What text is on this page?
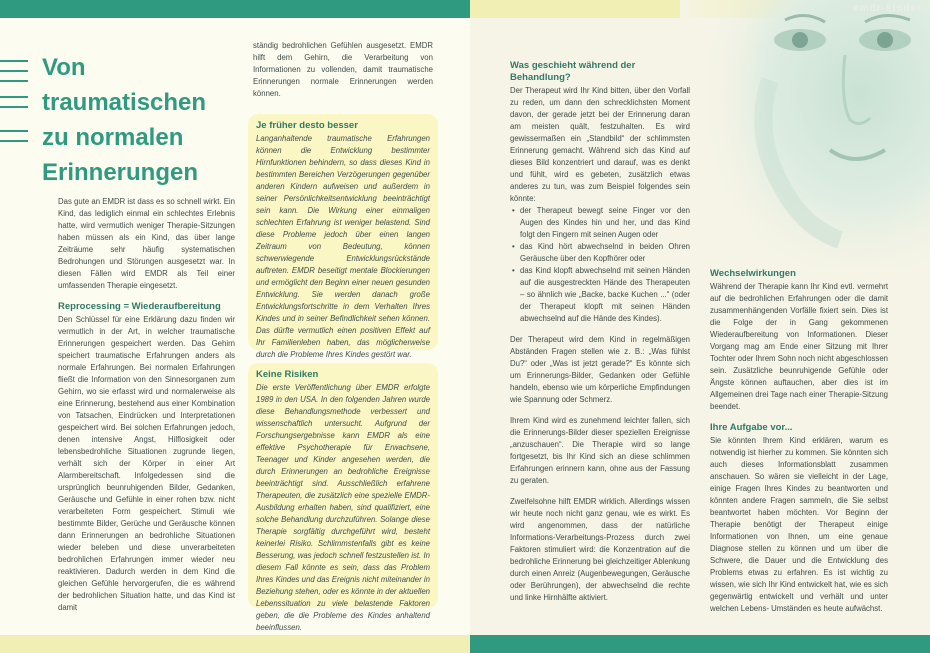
Von traumatischen
zu normalen
Erinnerungen

Das gute an EMDR ist dass es so schnell wirkt. Ein Kind, das lediglich einmal ein schlechtes Erlebnis hatte, wird vermutlich weniger Therapie-Sitzungen haben müssen als ein Kind, das über lange Zeiträume sehr häufig systematischen Bedrohungen und Störungen ausgesetzt war. In diesen Fällen wird EMDR als Teil einer umfassenden Therapie eingesetzt.

Reprocessing = Wiederaufbereitung

Den Schlüssel für eine Erklärung dazu finden wir vermutlich in der Art, in welcher traumatische Erinnerungen gespeichert werden. Das Gehirn speichert traumatische Erfahrungen anders als normale Erfahrungen. Bei normalen Erfahrungen fließt die Information von den Sinnesorganen zum Gehirn, wo sie erfasst wird und normalerweise als eine Erinnerung, bestehend aus einer Kombination von Tatsachen, Eindrücken und Interpretationen gespeichert wird. Bei solchen Erfahrungen jedoch, denen intensive Angst, Hilflosigkeit oder lebensbedrohliche Situationen zugrunde liegen, verhält sich der Körper in einer Art Alarmbereitschaft. Infolgedessen sind die ursprünglich beunruhigenden Bilder, Gedanken, Geräusche und Gefühle in einer rohen bzw. nicht verarbeiteten Form gespeichert. Stimuli wie bestimmte Bilder, Gerüche und Geräusche können dann Erinnerungen an bedrohliche Situationen wieder beleben und diese unverarbeiteten bedrohlichen Erfahrungen immer wieder neu reaktivieren. Dadurch werden in dem Kind die gleichen Gefühle hervorgerufen, die es während der bedrohlichen Situation hatte, und das Kind ist damit

ständig bedrohlichen Gefühlen ausgesetzt. EMDR hilft dem Gehirn, die Verarbeitung von Informationen zu vollenden, damit traumatische Erinnerungen normale Erinnerungen werden können.

Je früher desto besser

Langanhaltende traumatische Erfahrungen können die Entwicklung bestimmter Hirnfunktionen behindern, so dass dieses Kind in bestimmten Bereichen Verzögerungen gegenüber anderen Kindern aufweisen und außerdem in seiner Persönlichkeitsentwicklung beeinträchtigt sein kann. Die Wirkung einer einmaligen schlechten Erfahrung ist weniger belastend. Sind diese Probleme jedoch über einen langen Zeitraum von Bedeutung, können schwerwiegende Entwicklungsrückstände auftreten. EMDR beseitigt mentale Blockierungen und ermöglicht den Beginn einer neuen gesunden Entwicklung. Sie werden danach große Entwicklungsfortschritte in dem Verhalten Ihres Kindes und in seiner Befindlichkeit sehen können. Das dürfte vermutlich einen positiven Effekt auf Ihr Familienleben haben, das möglicherweise durch die Probleme Ihres Kindes gestört war.

Keine Risiken

Die erste Veröffentlichung über EMDR erfolgte 1989 in den USA. In den folgenden Jahren wurde diese Behandlungsmethode verbessert und wissenschaftlich untersucht. Aufgrund der Forschungsergebnisse kann EMDR als eine effektive Psychotherapie für Erwachsene, Teenager und Kinder angesehen werden, die durch Erinnerungen an bedrohliche Ereignisse beeinträchtigt sind. Ausschließlich erfahrene Therapeuten, die zusätzlich eine spezielle EMDR-Ausbildung erhalten haben, sind qualifiziert, eine solche Behandlung durchzuführen. Solange diese Therapie sorgfältig durchgeführt wird, besteht keinerlei Risiko. Schlimmstenfalls gibt es keine Besserung, was jedoch schnell festzustellen ist. In diesem Fall könnte es sein, dass das Problem Ihres Kindes und das Ereignis nicht miteinander in Beziehung stehen, oder es könnte in der aktuellen Lebenssituation zu viele belastende Faktoren geben, die die Probleme des Kindes anhaltend beeinflussen.

emdr-kinder
Was geschieht während der Behandlung?

Der Therapeut wird Ihr Kind bitten, über den Vorfall zu reden, um dann den schrecklichsten Moment davon, der gerade jetzt bei der Erinnerung daran am meisten quält, festzuhalten. Es wird gewissermaßen ein „Standbild“ der schlimmsten Erinnerung gemacht. Während sich das Kind auf dieses Bild konzentriert und darauf, was es denkt und fühlt, wird es gebeten, zusätzlich etwas anderes zu tun, was zum Beispiel folgendes sein könnte:

• der Therapeut bewegt seine Finger vor den Augen des Kindes hin und her, und das Kind folgt den Fingern mit seinen Augen oder
• das Kind hört abwechselnd in beiden Ohren Geräusche über den Kopfhörer oder
• das Kind klopft abwechselnd mit seinen Händen auf die ausgestreckten Hände des Therapeuten – so ähnlich wie „Backe, backe Kuchen ...“ (oder der Therapeut klopft mit seinen Händen abwechselnd auf die Hände des Kindes).

Der Therapeut wird dem Kind in regelmäßigen Abständen Fragen stellen wie z. B.: „Was fühlst Du?“ oder „Was ist jetzt gerade?“ Es könnte sich um Erinnerungs-Bilder, Gedanken oder Gefühle handeln, ebenso wie um körperliche Empfindungen wie Spannung oder Schmerz.

Ihrem Kind wird es zunehmend leichter fallen, sich die Erinnerungs-Bilder dieser speziellen Ereignisse „anzuschauen“. Die Therapie wird so lange fortgesetzt, bis Ihr Kind sich an diese schlimmen Erfahrungen erinnern kann, ohne aus der Fassung zu geraten.

Zweifelsohne hilft EMDR wirklich. Allerdings wissen wir heute noch nicht ganz genau, wie es wirkt. Es wird angenommen, dass der natürliche Informations-Verarbeitungs-Prozess durch zwei Faktoren stimuliert wird: die Konzentration auf die bedrohliche Erinnerung bei gleichzeitiger Ablenkung durch einen Anreiz (Augenbewegungen, Geräusche oder Berührungen), der abwechselnd die rechte und linke Hirnhälfte aktiviert.

Wechselwirkungen

Während der Therapie kann Ihr Kind evtl. vermehrt auf die bedrohlichen Erfahrungen oder die damit zusammenhängenden Vorfälle fixiert sein. Dies ist die Folge der in Gang gekommenen Wiederaufbereitung von Informationen. Dieser Vorgang mag am Ende einer Sitzung mit Ihrer Tochter oder Ihrem Sohn noch nicht abgeschlossen sein. Zusätzliche beunruhigende Gefühle oder Ängste können auftauchen, aber dies ist im Allgemeinen drei Tage nach einer Therapie-Sitzung beendet.

Ihre Aufgabe vor...

Sie könnten Ihrem Kind erklären, warum es notwendig ist hierher zu kommen. Sie könnten sich auch dieses Informationsblatt zusammen anschauen. So wären sie vielleicht in der Lage, einige Fragen Ihres Kindes zu beantworten und könnten andere Fragen sammeln, die Sie selbst beantwortet haben möchten. Vor Beginn der Therapie benötigt der Therapeut einige Informationen von Ihnen, um eine genaue Diagnose stellen zu können und um über die Schwere, die Dauer und die Entwicklung des Problems etwas zu erfahren. Es ist wichtig zu wissen, wie sich Ihr Kind entwickelt hat, wie es sich gegenwärtig entwickelt und verhält und unter welchen Lebens- Umständen es heute aufwächst.
